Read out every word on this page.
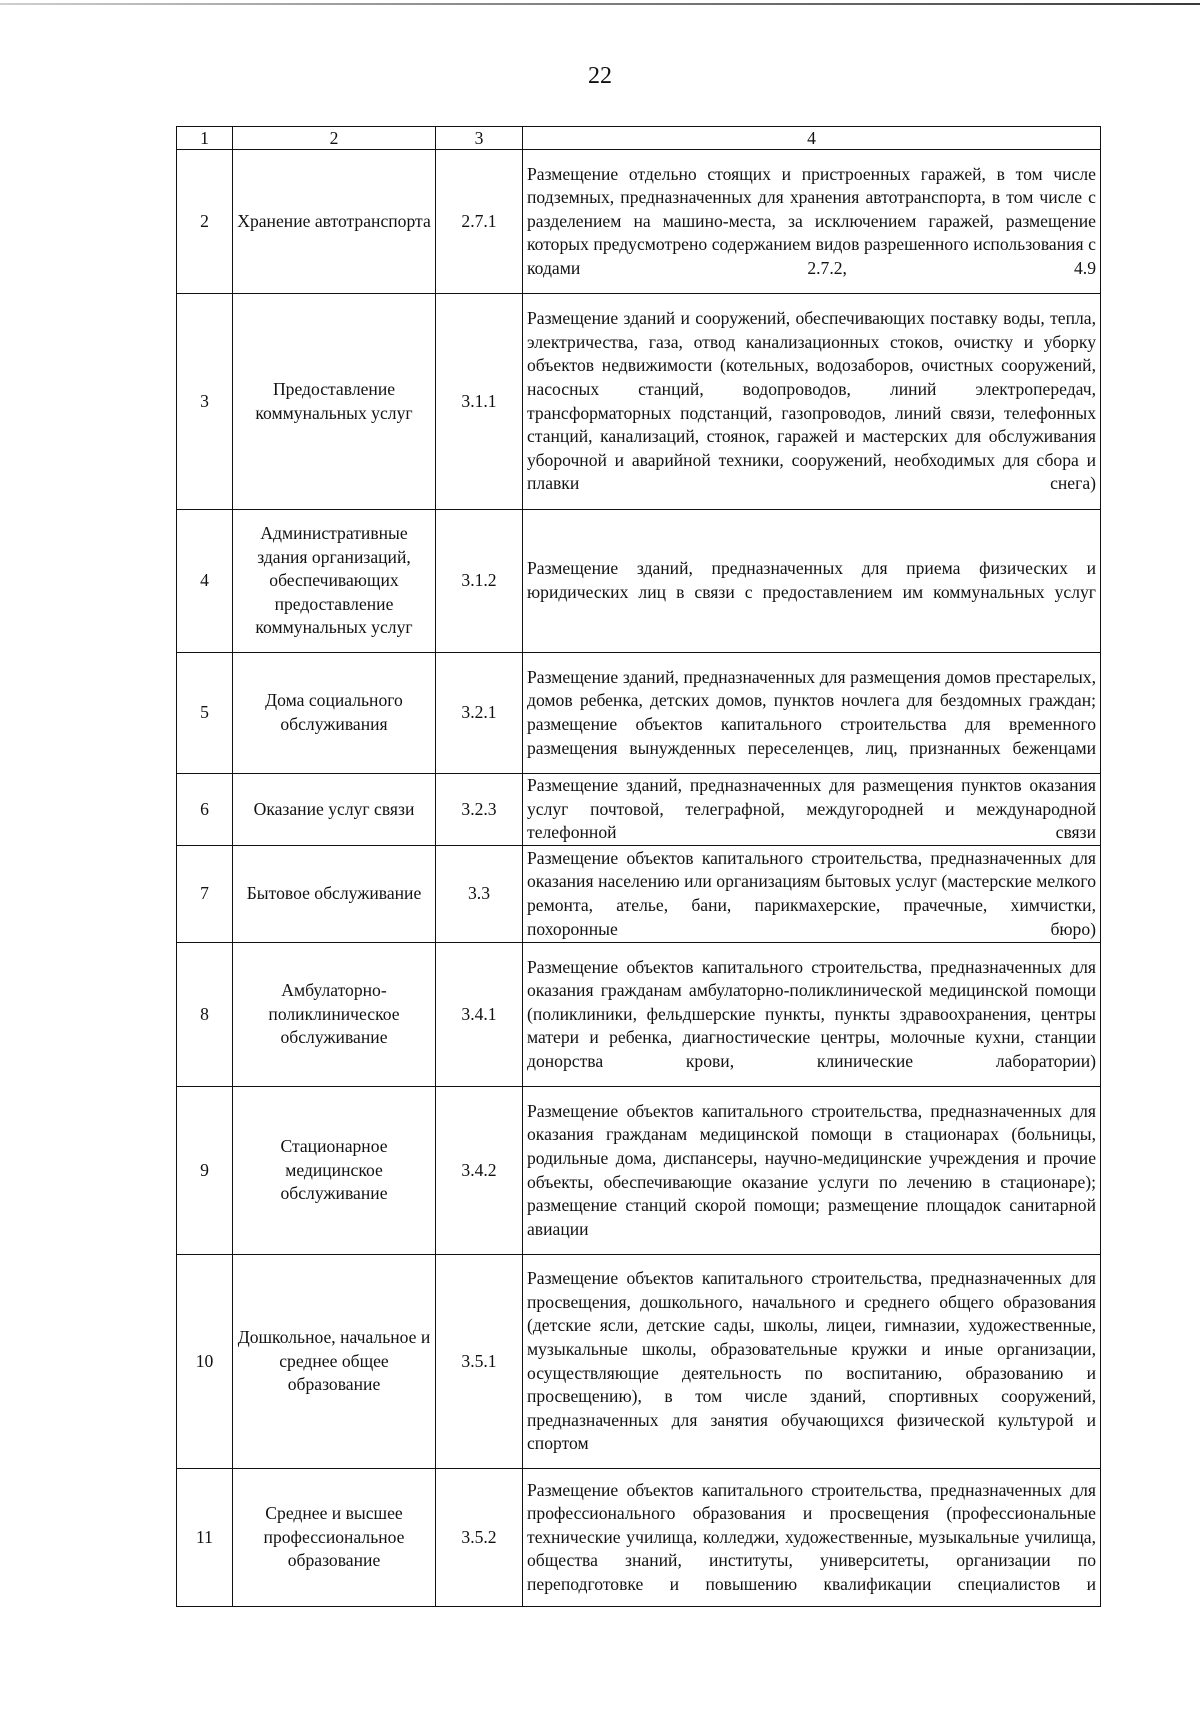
22
1	2	3	4
2	Хранение автотранспорта	2.7.1	Размещение отдельно стоящих и пристроенных гаражей, в том числе подземных, предназначенных для хранения автотранспорта, в том числе с разделением на машино-места, за исключением гаражей, размещение которых предусмотрено содержанием видов разрешенного использования с кодами 2.7.2, 4.9
3	Предоставление коммунальных услуг	3.1.1	Размещение зданий и сооружений, обеспечивающих поставку воды, тепла, электричества, газа, отвод канализационных стоков, очистку и уборку объектов недвижимости (котельных, водозаборов, очистных сооружений, насосных станций, водопроводов, линий электропередач, трансформаторных подстанций, газопроводов, линий связи, телефонных станций, канализаций, стоянок, гаражей и мастерских для обслуживания уборочной и аварийной техники, сооружений, необходимых для сбора и плавки снега)
4	Административные здания организаций, обеспечивающих предоставление коммунальных услуг	3.1.2	Размещение зданий, предназначенных для приема физических и юридических лиц в связи с предоставлением им коммунальных услуг
5	Дома социального обслуживания	3.2.1	Размещение зданий, предназначенных для размещения домов престарелых, домов ребенка, детских домов, пунктов ночлега для бездомных граждан; размещение объектов капитального строительства для временного размещения вынужденных переселенцев, лиц, признанных беженцами
6	Оказание услуг связи	3.2.3	Размещение зданий, предназначенных для размещения пунктов оказания услуг почтовой, телеграфной, междугородней и международной телефонной связи
7	Бытовое обслуживание	3.3	Размещение объектов капитального строительства, предназначенных для оказания населению или организациям бытовых услуг (мастерские мелкого ремонта, ателье, бани, парикмахерские, прачечные, химчистки, похоронные бюро)
8	Амбулаторно-поликлиническое обслуживание	3.4.1	Размещение объектов капитального строительства, предназначенных для оказания гражданам амбулаторно-поликлинической медицинской помощи (поликлиники, фельдшерские пункты, пункты здравоохранения, центры матери и ребенка, диагностические центры, молочные кухни, станции донорства крови, клинические лаборатории)
9	Стационарное медицинское обслуживание	3.4.2	Размещение объектов капитального строительства, предназначенных для оказания гражданам медицинской помощи в стационарах (больницы, родильные дома, диспансеры, научно-медицинские учреждения и прочие объекты, обеспечивающие оказание услуги по лечению в стационаре); размещение станций скорой помощи; размещение площадок санитарной авиации
10	Дошкольное, начальное и среднее общее образование	3.5.1	Размещение объектов капитального строительства, предназначенных для просвещения, дошкольного, начального и среднего общего образования (детские ясли, детские сады, школы, лицеи, гимназии, художественные, музыкальные школы, образовательные кружки и иные организации, осуществляющие деятельность по воспитанию, образованию и просвещению), в том числе зданий, спортивных сооружений, предназначенных для занятия обучающихся физической культурой и спортом
11	Среднее и высшее профессиональное образование	3.5.2	Размещение объектов капитального строительства, предназначенных для профессионального образования и просвещения (профессиональные технические училища, колледжи, художественные, музыкальные училища, общества знаний, институты, университеты, организации по переподготовке и повышению квалификации специалистов и
